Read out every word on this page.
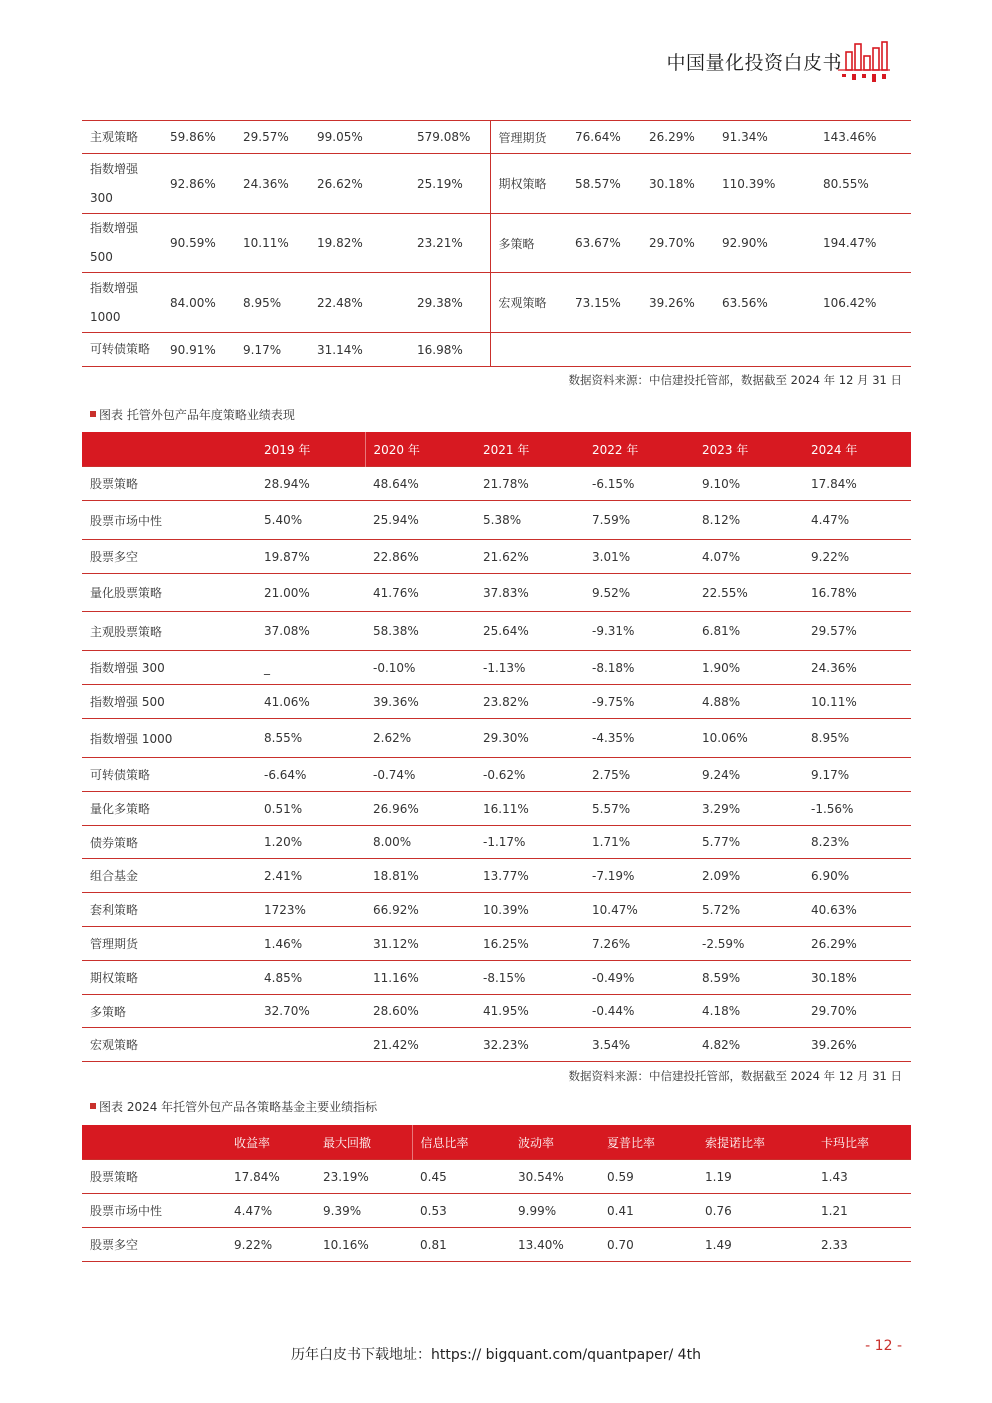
中国量化投资白皮书
主观策略	59.86%	29.57%	99.05%	579.08%	管理期货	76.64%	26.29%	91.34%	143.46%
指数增强300	92.86%	24.36%	26.62%	25.19%	期权策略	58.57%	30.18%	110.39%	80.55%
指数增强500	90.59%	10.11%	19.82%	23.21%	多策略	63.67%	29.70%	92.90%	194.47%
指数增强1000	84.00%	8.95%	22.48%	29.38%	宏观策略	73.15%	39.26%	63.56%	106.42%
可转债策略	90.91%	9.17%	31.14%	16.98%					
数据资料来源：中信建投托管部，数据截至 2024 年 12 月 31 日
图表 托管外包产品年度策略业绩表现
	2019 年	2020 年	2021 年	2022 年	2023 年	2024 年
股票策略	28.94%	48.64%	21.78%	-6.15%	9.10%	17.84%
股票市场中性	5.40%	25.94%	5.38%	7.59%	8.12%	4.47%
股票多空	19.87%	22.86%	21.62%	3.01%	4.07%	9.22%
量化股票策略	21.00%	41.76%	37.83%	9.52%	22.55%	16.78%
主观股票策略	37.08%	58.38%	25.64%	-9.31%	6.81%	29.57%
指数增强 300	_	-0.10%	-1.13%	-8.18%	1.90%	24.36%
指数增强 500	41.06%	39.36%	23.82%	-9.75%	4.88%	10.11%
指数增强 1000	8.55%	2.62%	29.30%	-4.35%	10.06%	8.95%
可转债策略	-6.64%	-0.74%	-0.62%	2.75%	9.24%	9.17%
量化多策略	0.51%	26.96%	16.11%	5.57%	3.29%	-1.56%
债券策略	1.20%	8.00%	-1.17%	1.71%	5.77%	8.23%
组合基金	2.41%	18.81%	13.77%	-7.19%	2.09%	6.90%
套利策略	1723%	66.92%	10.39%	10.47%	5.72%	40.63%
管理期货	1.46%	31.12%	16.25%	7.26%	-2.59%	26.29%
期权策略	4.85%	11.16%	-8.15%	-0.49%	8.59%	30.18%
多策略	32.70%	28.60%	41.95%	-0.44%	4.18%	29.70%
宏观策略		21.42%	32.23%	3.54%	4.82%	39.26%
数据资料来源：中信建投托管部，数据截至 2024 年 12 月 31 日
图表 2024 年托管外包产品各策略基金主要业绩指标
	收益率	最大回撤	信息比率	波动率	夏普比率	索提诺比率	卡玛比率
股票策略	17.84%	23.19%	0.45	30.54%	0.59	1.19	1.43
股票市场中性	4.47%	9.39%	0.53	9.99%	0.41	0.76	1.21
股票多空	9.22%	10.16%	0.81	13.40%	0.70	1.49	2.33
历年白皮书下载地址：https:// bigquant.com/quantpaper/ 4th
- 12 -
